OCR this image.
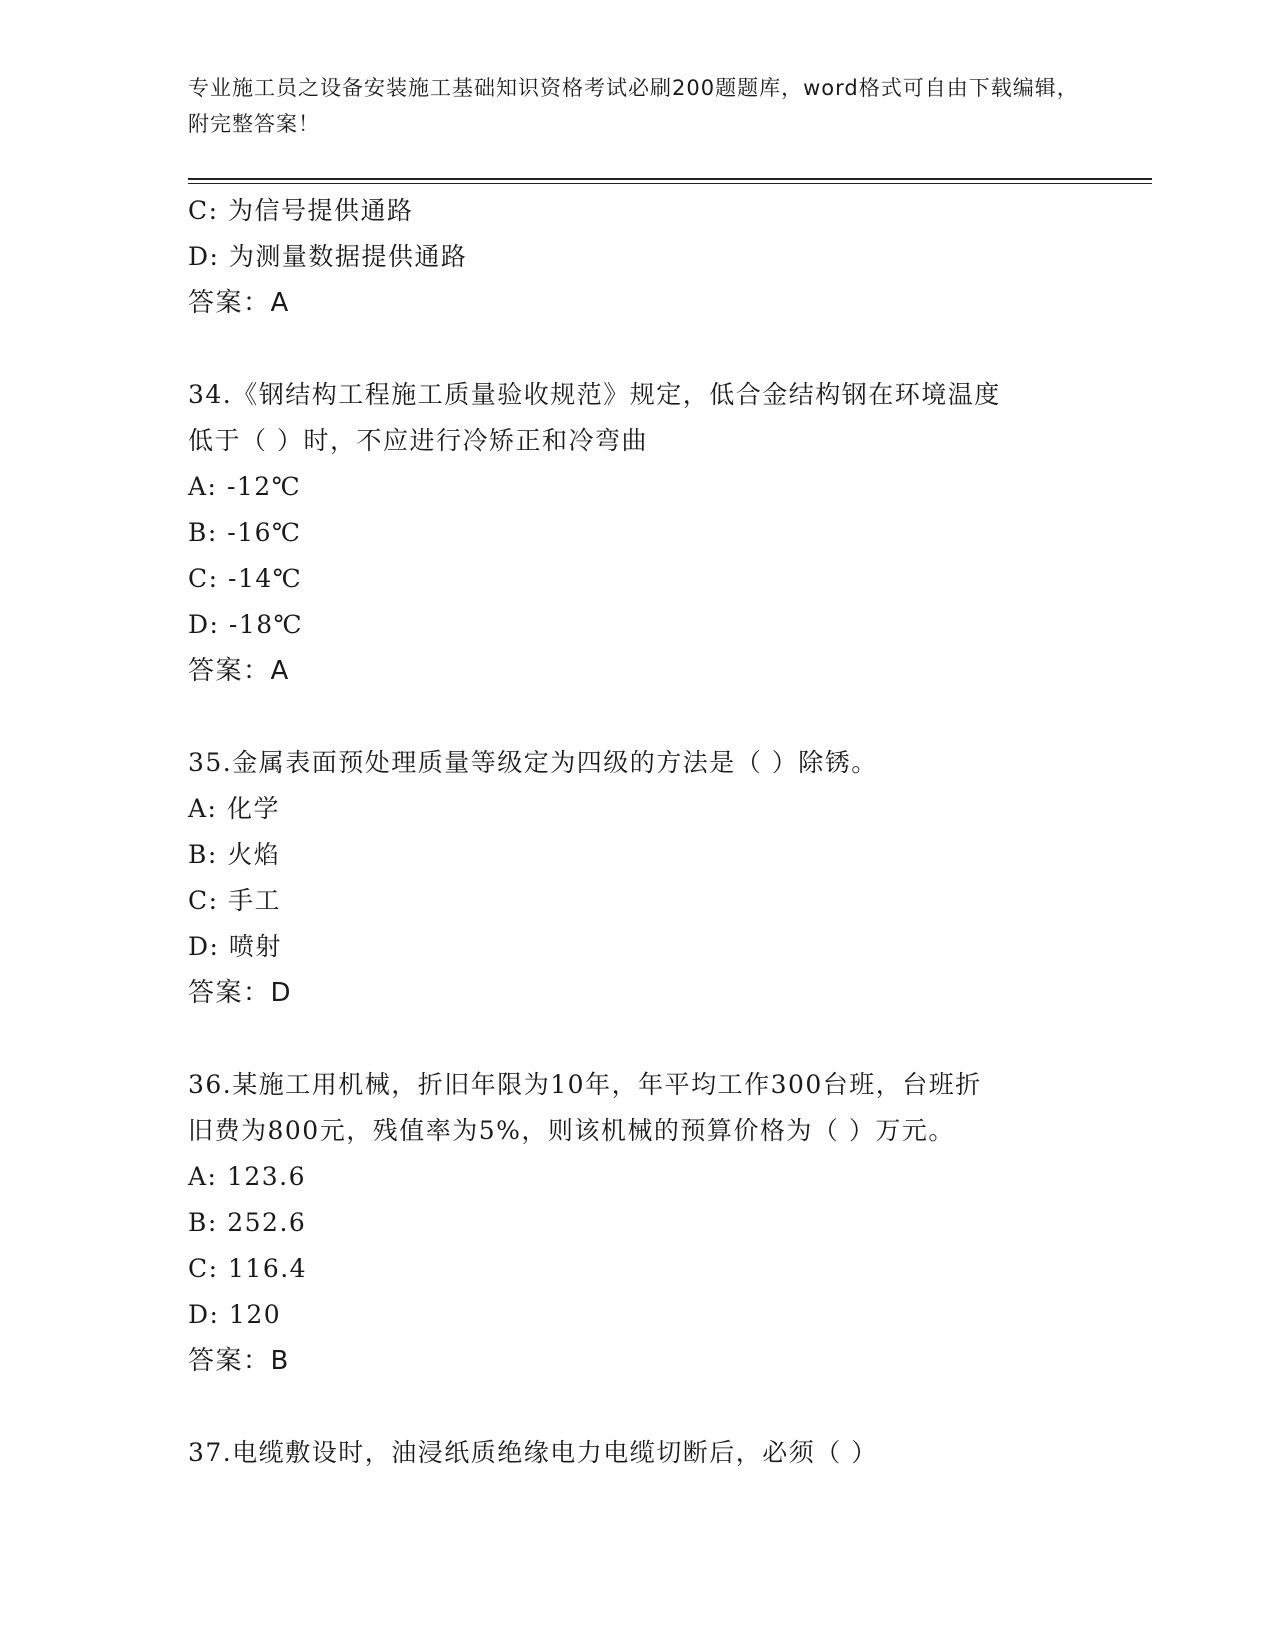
专业施工员之设备安装施工基础知识资格考试必刷200题题库，word格式可自由下载编辑，附完整答案！
C: 为信号提供通路
D: 为测量数据提供通路
答案：A
34.《钢结构工程施工质量验收规范》规定，低合金结构钢在环境温度
低于（ ）时，不应进行冷矫正和冷弯曲
A: -12℃
B: -16℃
C: -14℃
D: -18℃
答案：A
35.金属表面预处理质量等级定为四级的方法是（ ）除锈。
A: 化学
B: 火焰
C: 手工
D: 喷射
答案：D
36.某施工用机械，折旧年限为10年，年平均工作300台班，台班折
旧费为800元，残值率为5%，则该机械的预算价格为（ ）万元。
A: 123.6
B: 252.6
C: 116.4
D: 120
答案：B
37.电缆敷设时，油浸纸质绝缘电力电缆切断后，必须（ ）
